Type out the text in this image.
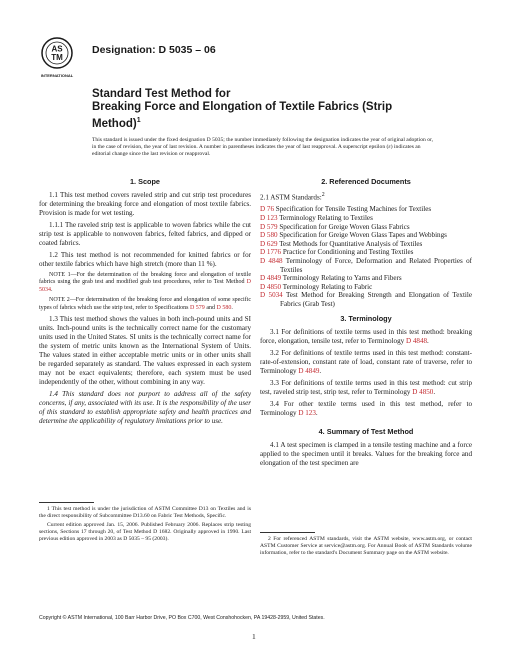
AS
TM
INTERNATIONAL
Designation: D 5035 – 06
Standard Test Method for
Breaking Force and Elongation of Textile Fabrics (Strip
Method)$^1$
This standard is issued under the fixed designation D 5035; the number immediately following the designation indicates the year of original adoption or, in the case of revision, the year of last revision. A number in parentheses indicates the year of last reapproval. A superscript epsilon (ε) indicates an editorial change since the last revision or reapproval.
1. Scope

1.1 This test method covers raveled strip and cut strip test procedures for determining the breaking force and elongation of most textile fabrics. Provision is made for wet testing.

1.1.1 The raveled strip test is applicable to woven fabrics while the cut strip test is applicable to nonwoven fabrics, felted fabrics, and dipped or coated fabrics.

1.2 This test method is not recommended for knitted fabrics or for other textile fabrics which have high stretch (more than 11 %).

NOTE 1—For the determination of the breaking force and elongation of textile fabrics using the grab test and modified grab test procedures, refer to Test Method D 5034.

NOTE 2—For determination of the breaking force and elongation of some specific types of fabrics which use the strip test, refer to Specifications D 579 and D 580.

1.3 This test method shows the values in both inch-pound units and SI units. Inch-pound units is the technically correct name for the customary units used in the United States. SI units is the technically correct name for the system of metric units known as the International System of Units. The values stated in either acceptable metric units or in other units shall be regarded separately as standard. The values expressed in each system may not be exact equivalents; therefore, each system must be used independently of the other, without combining in any way.

1.4 This standard does not purport to address all of the safety concerns, if any, associated with its use. It is the responsibility of the user of this standard to establish appropriate safety and health practices and determine the applicability of regulatory limitations prior to use.

1 This test method is under the jurisdiction of ASTM Committee D13 on Textiles and is the direct responsibility of Subcommittee D13.60 on Fabric Test Methods, Specific.

Current edition approved Jan. 15, 2006. Published February 2006. Replaces strip testing sections, Sections 17 through 20, of Test Method D 1682. Originally approved in 1990. Last previous edition approved in 2003 as D 5035 – 95 (2003).

2. Referenced Documents

2.1 ASTM Standards:$^2$

D 76 Specification for Tensile Testing Machines for Textiles
D 123 Terminology Relating to Textiles
D 579 Specification for Greige Woven Glass Fabrics
D 580 Specification for Greige Woven Glass Tapes and Webbings
D 629 Test Methods for Quantitative Analysis of Textiles
D 1776 Practice for Conditioning and Testing Textiles
D 4848 Terminology of Force, Deformation and Related Properties of Textiles
D 4849 Terminology Relating to Yarns and Fibers
D 4850 Terminology Relating to Fabric
D 5034 Test Method for Breaking Strength and Elongation of Textile Fabrics (Grab Test)
3. Terminology

3.1 For definitions of textile terms used in this test method: breaking force, elongation, tensile test, refer to Terminology D 4848.

3.2 For definitions of textile terms used in this test method: constant-rate-of-extension, constant rate of load, constant rate of traverse, refer to Terminology D 4849.

3.3 For definitions of textile terms used in this test method: cut strip test, raveled strip test, strip test, refer to Terminology D 4850.

3.4 For other textile terms used in this test method, refer to Terminology D 123.

4. Summary of Test Method

4.1 A test specimen is clamped in a tensile testing machine and a force applied to the specimen until it breaks. Values for the breaking force and elongation of the test specimen are

2 For referenced ASTM standards, visit the ASTM website, www.astm.org, or contact ASTM Customer Service at service@astm.org. For Annual Book of ASTM Standards volume information, refer to the standard's Document Summary page on the ASTM website.

Copyright © ASTM International, 100 Barr Harbor Drive, PO Box C700, West Conshohocken, PA 19428-2959, United States.
1
